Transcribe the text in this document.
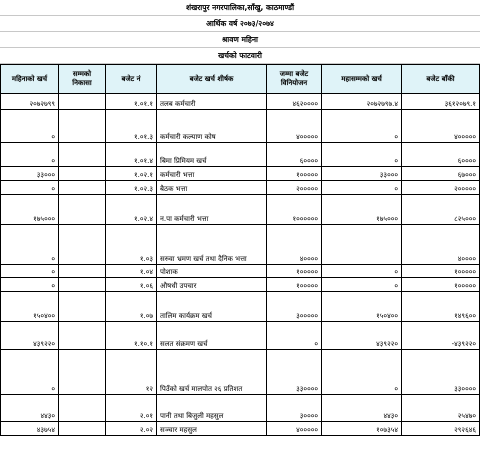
शंखरापुर नगरपालिका,साँखु, काठमाण्डौं
आर्थिक वर्ष २०७३/२०७४
श्रावण महिना
खर्चको फाटवारी
महिनाको खर्च	सम्मको निकासा	बजेट नं	बजेट खर्च शीर्षक	जम्मा बजेट विनियोजन	महासम्मको खर्च	बजेट बाँकी
२०७२७९९		१.०१.१	तलब कर्मचारी	४६२००००	२०७२७९७.४	३६१२०७९.१
०		१.०१.३	कर्मचारी कल्याण कोष	४०००००	०	४०००००
०		१.०१.४	बिमा प्रिमियम खर्च	६००००	०	६००००
३३०००		१.०२.१	कर्मचारी भत्ता	१०००००	३३०००	६७०००
०		१.०२.३	बैठक भत्ता	२०००००	०	२०००००
१७५०००		१.०२.४	न.पा कर्मचारी भत्ता	१००००००	१७५०००	८२५०००
०		१.०३	सरुवा भ्रमण खर्च तथा दैनिक भत्ता	४००००		४००००
०		१.०४	पोशाक	१०००००	०	१०००००
०		१.०६	औषधी उपचार	१०००००	०	१०००००
१५०४००		१.०७	तालिम कार्यक्रम खर्च	३०००००	१५०४००	१४९६००
४३९२२०		१.१०.१	सलत संक्रमण खर्च	०	४३९२२०	-४३९२२०
०		१२	पिउँको खर्च मालपोत २६ प्रतिशत	३३००००	०	३३००००
४४३०		२.०१	पानी तथा बिजुली महसुल	३००००	४४३०	२५४७०
४३७५४		२.०२	सञ्चार महसुल	४०००००	१०७३५४	२९२६४६
